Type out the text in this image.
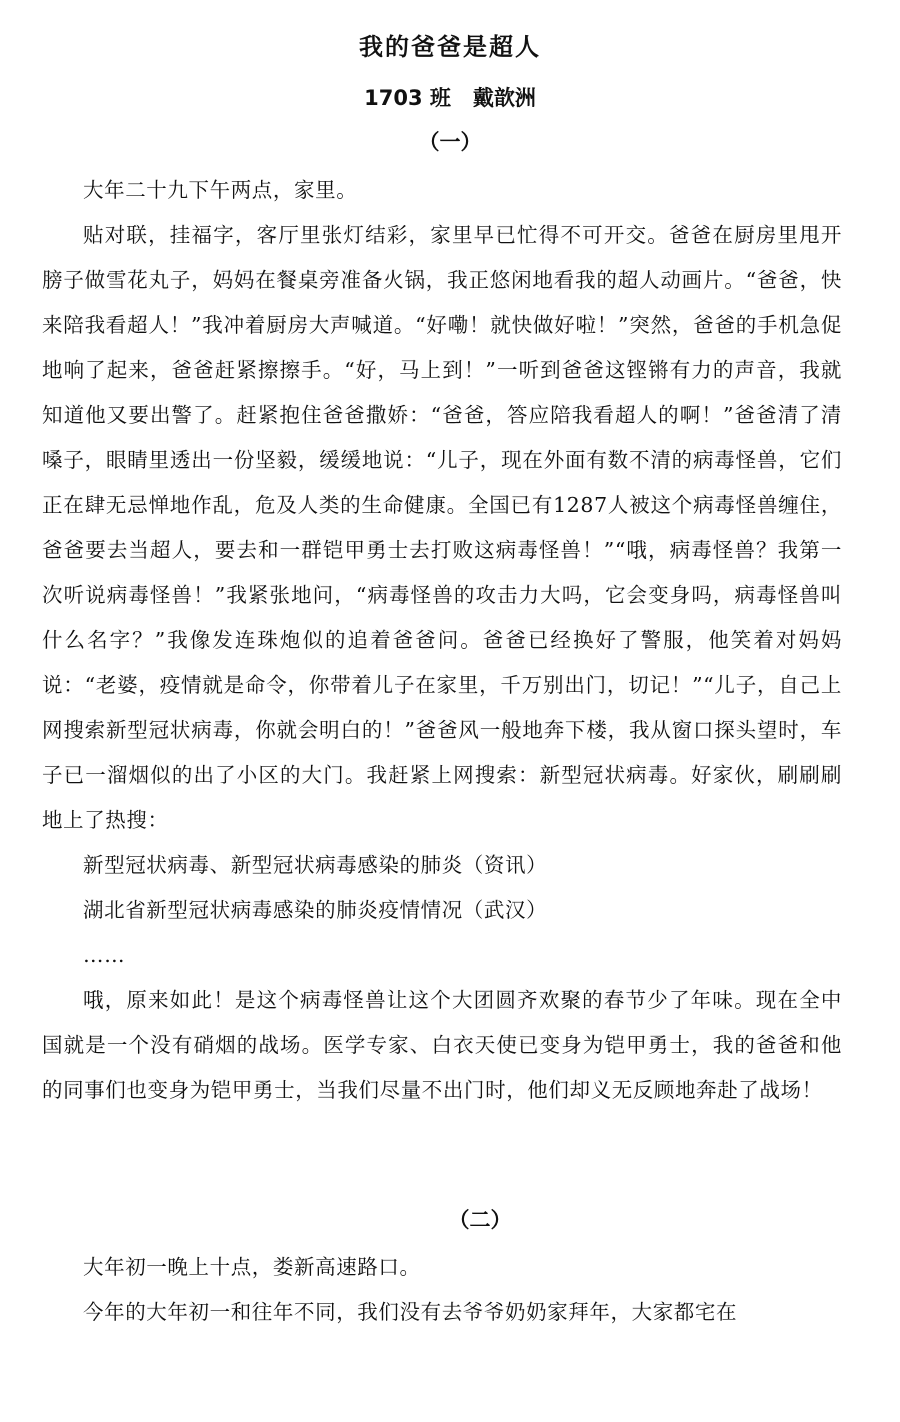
我的爸爸是超人
1703 班 戴歆洲
（一）

大年二十九下午两点，家里。

贴对联，挂福字，客厅里张灯结彩，家里早已忙得不可开交。爸爸在厨房里甩开膀子做雪花丸子，妈妈在餐桌旁准备火锅，我正悠闲地看我的超人动画片。“爸爸，快来陪我看超人！”我冲着厨房大声喊道。“好嘞！就快做好啦！”突然，爸爸的手机急促地响了起来，爸爸赶紧擦擦手。“好，马上到！”一听到爸爸这铿锵有力的声音，我就知道他又要出警了。赶紧抱住爸爸撒娇：“爸爸，答应陪我看超人的啊！”爸爸清了清嗓子，眼睛里透出一份坚毅，缓缓地说：“儿子，现在外面有数不清的病毒怪兽，它们正在肆无忌惮地作乱，危及人类的生命健康。全国已有1287人被这个病毒怪兽缠住，爸爸要去当超人，要去和一群铠甲勇士去打败这病毒怪兽！”“哦，病毒怪兽？我第一次听说病毒怪兽！”我紧张地问，“病毒怪兽的攻击力大吗，它会变身吗，病毒怪兽叫什么名字？”我像发连珠炮似的追着爸爸问。爸爸已经换好了警服，他笑着对妈妈说：“老婆，疫情就是命令，你带着儿子在家里，千万别出门，切记！”“儿子，自己上网搜索新型冠状病毒，你就会明白的！”爸爸风一般地奔下楼，我从窗口探头望时，车子已一溜烟似的出了小区的大门。我赶紧上网搜索：新型冠状病毒。好家伙，刷刷刷地上了热搜：

新型冠状病毒、新型冠状病毒感染的肺炎（资讯）

湖北省新型冠状病毒感染的肺炎疫情情况（武汉）

……

哦，原来如此！是这个病毒怪兽让这个大团圆齐欢聚的春节少了年味。现在全中国就是一个没有硝烟的战场。医学专家、白衣天使已变身为铠甲勇士，我的爸爸和他的同事们也变身为铠甲勇士，当我们尽量不出门时，他们却义无反顾地奔赴了战场！

（二）

大年初一晚上十点，娄新高速路口。

今年的大年初一和往年不同，我们没有去爷爷奶奶家拜年，大家都宅在
